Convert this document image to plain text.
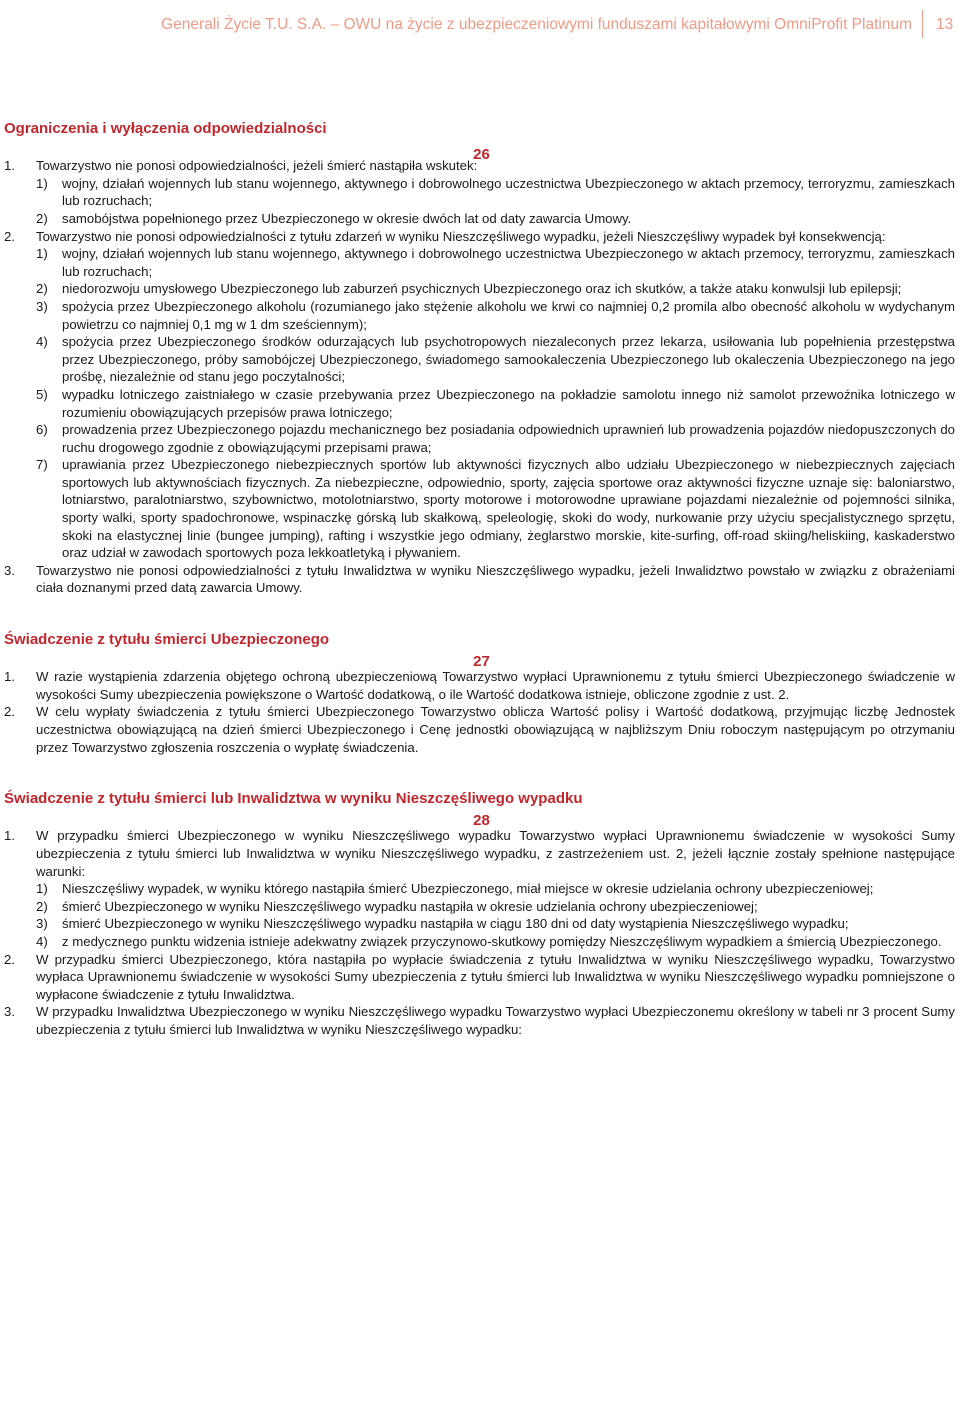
Generali Życie T.U. S.A. – OWU na życie z ubezpieczeniowymi funduszami kapitałowymi OmniProfit Platinum 13
Ograniczenia i wyłączenia odpowiedzialności
26
1. Towarzystwo nie ponosi odpowiedzialności, jeżeli śmierć nastąpiła wskutek:
1) wojny, działań wojennych lub stanu wojennego, aktywnego i dobrowolnego uczestnictwa Ubezpieczonego w aktach przemocy, terroryzmu, zamieszkach lub rozruchach;
2) samobójstwa popełnionego przez Ubezpieczonego w okresie dwóch lat od daty zawarcia Umowy.
2. Towarzystwo nie ponosi odpowiedzialności z tytułu zdarzeń w wyniku Nieszczęśliwego wypadku, jeżeli Nieszczęśliwy wypadek był konsekwencją:
1) wojny, działań wojennych lub stanu wojennego, aktywnego i dobrowolnego uczestnictwa Ubezpieczonego w aktach przemocy, terroryzmu, zamieszkach lub rozruchach;
2) niedorozwoju umysłowego Ubezpieczonego lub zaburzeń psychicznych Ubezpieczonego oraz ich skutków, a także ataku konwulsji lub epilepsji;
3) spożycia przez Ubezpieczonego alkoholu (rozumianego jako stężenie alkoholu we krwi co najmniej 0,2 promila albo obecność alkoholu w wydychanym powietrzu co najmniej 0,1 mg w 1 dm sześciennym);
4) spożycia przez Ubezpieczonego środków odurzających lub psychotropowych niezaleconych przez lekarza, usiłowania lub popełnienia przestępstwa przez Ubezpieczonego, próby samobójczej Ubezpieczonego, świadomego samookaleczenia Ubezpieczonego lub okaleczenia Ubezpieczonego na jego prośbę, niezależnie od stanu jego poczytalności;
5) wypadku lotniczego zaistniałego w czasie przebywania przez Ubezpieczonego na pokładzie samolotu innego niż samolot przewoźnika lotniczego w rozumieniu obowiązujących przepisów prawa lotniczego;
6) prowadzenia przez Ubezpieczonego pojazdu mechanicznego bez posiadania odpowiednich uprawnień lub prowadzenia pojazdów niedopuszczonych do ruchu drogowego zgodnie z obowiązującymi przepisami prawa;
7) uprawiania przez Ubezpieczonego niebezpiecznych sportów lub aktywności fizycznych albo udziału Ubezpieczonego w niebezpiecznych zajęciach sportowych lub aktywnościach fizycznych. Za niebezpieczne, odpowiednio, sporty, zajęcia sportowe oraz aktywności fizyczne uznaje się: baloniarstwo, lotniarstwo, paralotniarstwo, szybownictwo, motolotniarstwo, sporty motorowe i motorowodne uprawiane pojazdami niezależnie od pojemności silnika, sporty walki, sporty spadochronowe, wspinaczkę górską lub skałkową, speleologię, skoki do wody, nurkowanie przy użyciu specjalistycznego sprzętu, skoki na elastycznej linie (bungee jumping), rafting i wszystkie jego odmiany, żeglarstwo morskie, kite-surfing, off-road skiing/heliskiing, kaskaderstwo oraz udział w zawodach sportowych poza lekkoatletyką i pływaniem.
3. Towarzystwo nie ponosi odpowiedzialności z tytułu Inwalidztwa w wyniku Nieszczęśliwego wypadku, jeżeli Inwalidztwo powstało w związku z obrażeniami ciała doznanymi przed datą zawarcia Umowy.
Świadczenie z tytułu śmierci Ubezpieczonego
27
1. W razie wystąpienia zdarzenia objętego ochroną ubezpieczeniową Towarzystwo wypłaci Uprawnionemu z tytułu śmierci Ubezpieczonego świadczenie w wysokości Sumy ubezpieczenia powiększone o Wartość dodatkową, o ile Wartość dodatkowa istnieje, obliczone zgodnie z ust. 2.
2. W celu wypłaty świadczenia z tytułu śmierci Ubezpieczonego Towarzystwo oblicza Wartość polisy i Wartość dodatkową, przyjmując liczbę Jednostek uczestnictwa obowiązującą na dzień śmierci Ubezpieczonego i Cenę jednostki obowiązującą w najbliższym Dniu roboczym następującym po otrzymaniu przez Towarzystwo zgłoszenia roszczenia o wypłatę świadczenia.
Świadczenie z tytułu śmierci lub Inwalidztwa w wyniku Nieszczęśliwego wypadku
28
1. W przypadku śmierci Ubezpieczonego w wyniku Nieszczęśliwego wypadku Towarzystwo wypłaci Uprawnionemu świadczenie w wysokości Sumy ubezpieczenia z tytułu śmierci lub Inwalidztwa w wyniku Nieszczęśliwego wypadku, z zastrzeżeniem ust. 2, jeżeli łącznie zostały spełnione następujące warunki:
1) Nieszczęśliwy wypadek, w wyniku którego nastąpiła śmierć Ubezpieczonego, miał miejsce w okresie udzielania ochrony ubezpieczeniowej;
2) śmierć Ubezpieczonego w wyniku Nieszczęśliwego wypadku nastąpiła w okresie udzielania ochrony ubezpieczeniowej;
3) śmierć Ubezpieczonego w wyniku Nieszczęśliwego wypadku nastąpiła w ciągu 180 dni od daty wystąpienia Nieszczęśliwego wypadku;
4) z medycznego punktu widzenia istnieje adekwatny związek przyczynowo-skutkowy pomiędzy Nieszczęśliwym wypadkiem a śmiercią Ubezpieczonego.
2. W przypadku śmierci Ubezpieczonego, która nastąpiła po wypłacie świadczenia z tytułu Inwalidztwa w wyniku Nieszczęśliwego wypadku, Towarzystwo wypłaca Uprawnionemu świadczenie w wysokości Sumy ubezpieczenia z tytułu śmierci lub Inwalidztwa w wyniku Nieszczęśliwego wypadku pomniejszone o wypłacone świadczenie z tytułu Inwalidztwa.
3. W przypadku Inwalidztwa Ubezpieczonego w wyniku Nieszczęśliwego wypadku Towarzystwo wypłaci Ubezpieczonemu określony w tabeli nr 3 procent Sumy ubezpieczenia z tytułu śmierci lub Inwalidztwa w wyniku Nieszczęśliwego wypadku:
